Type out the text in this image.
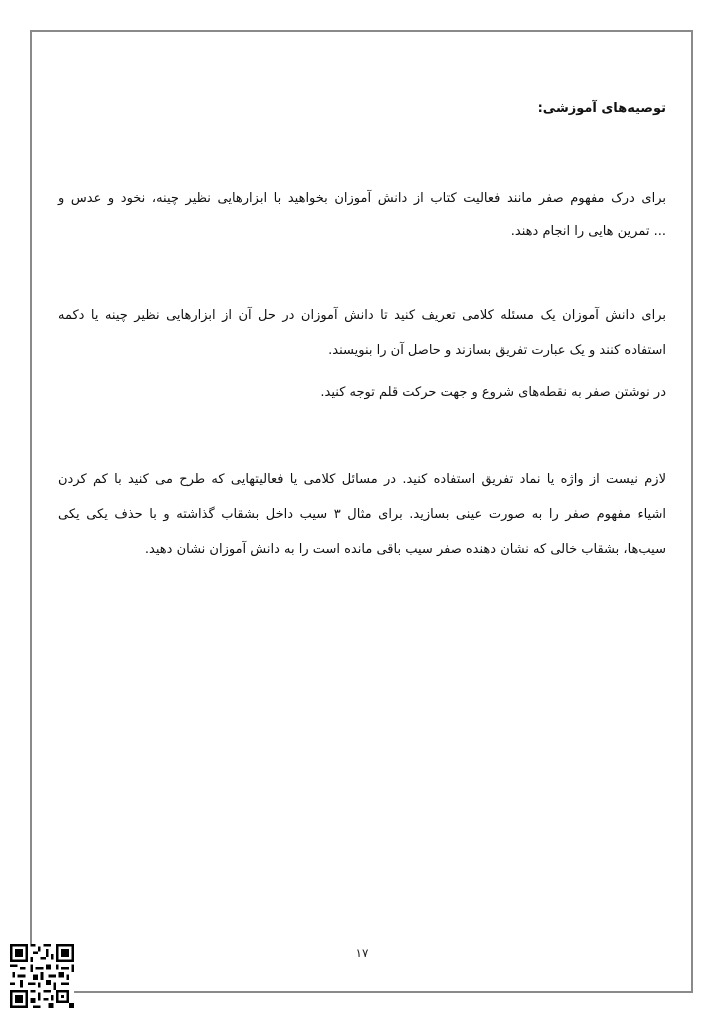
توصیه‌های آموزشی:
برای درک مفهوم صفر مانند فعالیت کتاب از دانش آموزان بخواهید با ابزارهایی نظیر چینه، نخود و عدس و
... تمرین هایی را انجام دهند.
برای دانش آموزان یک مسئله کلامی تعریف کنید تا دانش آموزان در حل آن از ابزارهایی نظیر چینه یا دکمه
استفاده کنند و یک عبارت تفریق بسازند و حاصل آن را بنویسند.
در نوشتن صفر به نقطه‌های شروع و جهت حرکت قلم توجه کنید.
لازم نیست از واژه یا نماد تفریق استفاده کنید. در مسائل کلامی یا فعالیتهایی که طرح می کنید با کم کردن
اشیاء مفهوم صفر را به صورت عینی بسازید. برای مثال ۳ سیب داخل بشقاب گذاشته و با حذف یکی یکی
سیب‌ها، بشقاب خالی که نشان دهنده صفر سیب باقی مانده است را به دانش آموزان نشان دهید.
۱۷
